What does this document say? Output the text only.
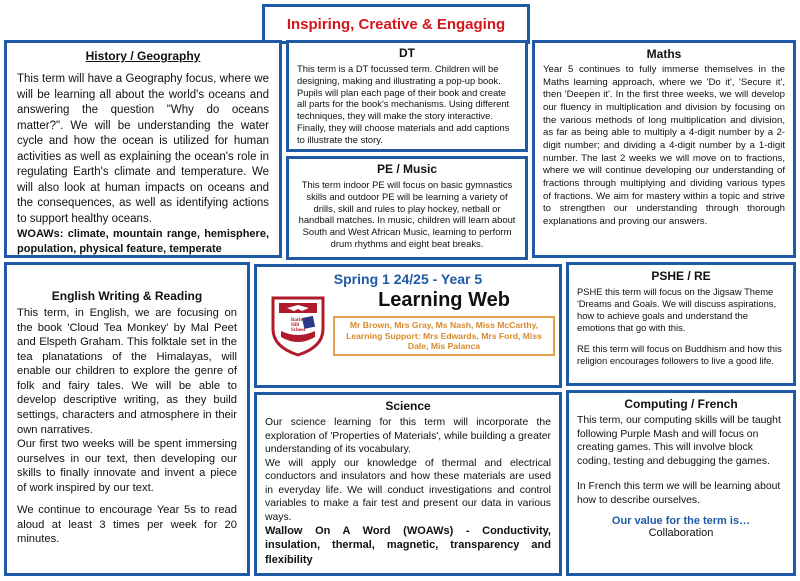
Inspiring, Creative & Engaging
History / Geography

This term will have a Geography focus, where we will be learning all about the world's oceans and answering the question "Why do oceans matter?". We will be understanding the water cycle and how the ocean is utilized for human activities as well as explaining the ocean's role in regulating Earth's climate and temperature. We will also look at human impacts on oceans and the consequences, as well as identifying actions to support healthy oceans.

WOAWs: climate, mountain range, hemisphere, population, physical feature, temperate

DT

This term is a DT focussed term. Children will be designing, making and illustrating a pop-up book. Pupils will plan each page of their book and create all parts for the book's mechanisms. Using different techniques, they will make the story interactive. Finally, they will choose materials and add captions to illustrate the story.

PE / Music

This term indoor PE will focus on basic gymnastics skills and outdoor PE will be learning a variety of drills, skill and rules to play hockey, netball or handball matches. In music, children will learn about South and West African Music, learning to perform drum rhythms and eight beat breaks.

Maths

Year 5 continues to fully immerse themselves in the Maths learning approach, where we 'Do it', 'Secure it', then 'Deepen it'. In the first three weeks, we will develop our fluency in multiplication and division by focusing on the various methods of long multiplication and division, as far as being able to multiply a 4-digit number by a 2-digit number; and dividing a 4-digit number by a 1-digit number. The last 2 weeks we will move on to fractions, where we will continue developing our understanding of fractions through multiplying and dividing various types of fractions. We aim for mastery within a topic and strive to strengthen our understanding through thorough explanations and proving our answers.

English Writing & Reading

This term, in English, we are focusing on the book 'Cloud Tea Monkey' by Mal Peet and Elspeth Graham. This folktale set in the tea planatations of the Himalayas, will enable our children to explore the genre of folk and fairy tales. We will be able to develop descriptive writing, as they build settings, characters and atmosphere in their own narratives.

Our first two weeks will be spent immersing ourselves in our text, then developing our skills to finally innovate and invent a piece of work inspired by our text.

We continue to encourage Year 5s to read aloud at least 3 times per week for 20 minutes.

Spring 1 24/25 - Year 5
Barley
Hill
School
Learning Web
Mr Brown, Mrs Gray, Ms Nash, Miss McCarthy,
Learning Support: Mrs Edwards, Mrs Ford, Miss Dale, Mis Palanca
PSHE / RE

PSHE this term will focus on the Jigsaw Theme 'Dreams and Goals. We will discuss aspirations, how to achieve goals and understand the emotions that go with this.

RE this term will focus on Buddhism and how this religion encourages followers to live a good life.

Science

Our science learning for this term will incorporate the exploration of 'Properties of Materials', while building a greater understanding of its vocabulary.

We will apply our knowledge of thermal and electrical conductors and insulators and how these materials are used in everyday life. We will conduct investigations and control variables to make a fair test and present our data in various ways.

Wallow On A Word (WOAWs) - Conductivity, insulation, thermal, magnetic, transparency and flexibility

Computing / French

This term, our computing skills will be taught following Purple Mash and will focus on creating games. This will involve block coding, testing and debugging the games.

In French this term we will be learning about how to describe ourselves.

Our value for the term is…
Collaboration
